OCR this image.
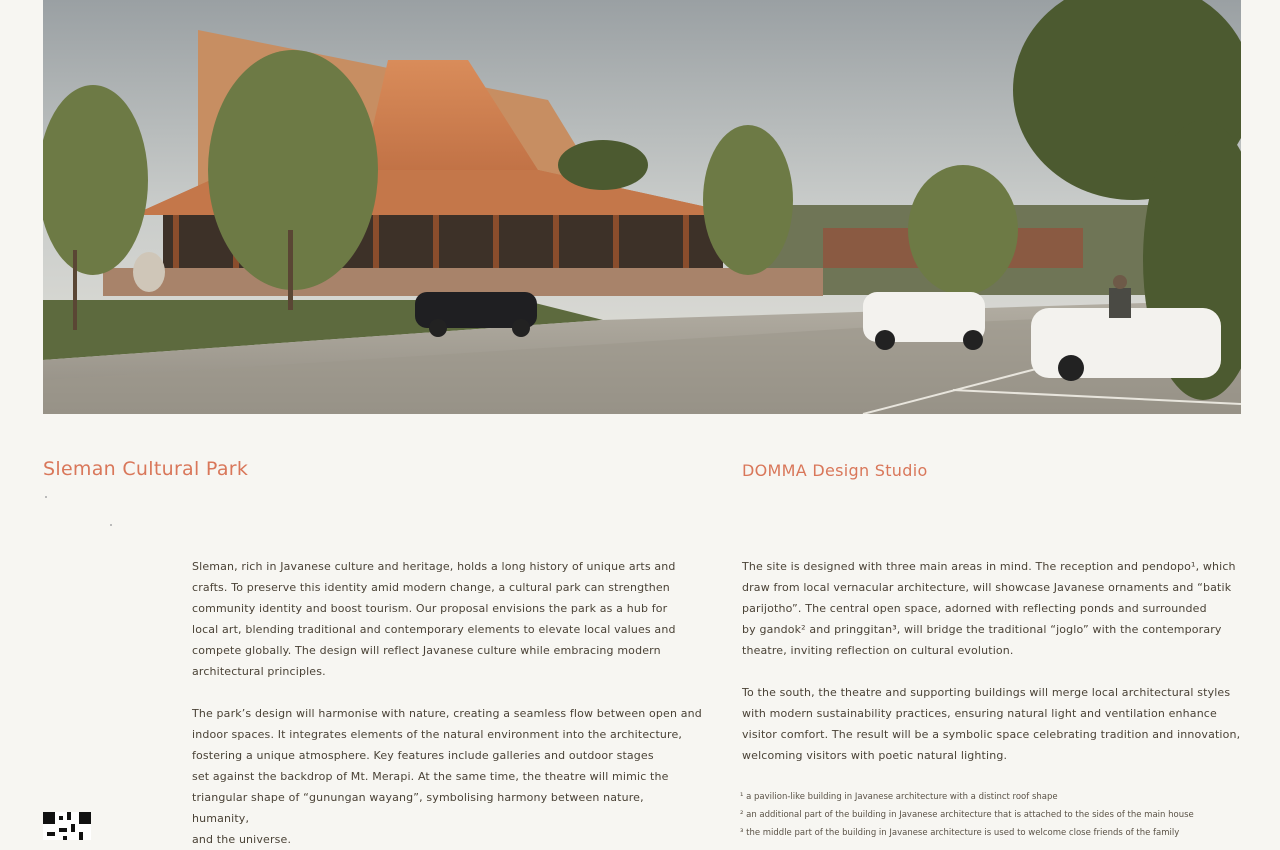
Sleman Cultural Park	DOMMA Design Studio

Sleman, rich in Javanese culture and heritage, holds a long history of unique arts and

crafts. To preserve this identity amid modern change, a cultural park can strengthen

community identity and boost tourism. Our proposal envisions the park as a hub for

local art, blending traditional and contemporary elements to elevate local values and

compete globally. The design will reflect Javanese culture while embracing modern

architectural principles.

The park’s design will harmonise with nature, creating a seamless flow between open and

indoor spaces. It integrates elements of the natural environment into the architecture,

fostering a unique atmosphere. Key features include galleries and outdoor stages

set against the backdrop of Mt. Merapi. At the same time, the theatre will mimic the

triangular shape of “gunungan wayang”, symbolising harmony between nature, humanity,

and the universe.

The site is designed with three main areas in mind. The reception and pendopo¹, which

draw from local vernacular architecture, will showcase Javanese ornaments and “batik

parijotho”. The central open space, adorned with reflecting ponds and surrounded

by gandok² and pringgitan³, will bridge the traditional “joglo” with the contemporary

theatre, inviting reflection on cultural evolution.

To the south, the theatre and supporting buildings will merge local architectural styles

with modern sustainability practices, ensuring natural light and ventilation enhance

visitor comfort. The result will be a symbolic space celebrating tradition and innovation,

welcoming visitors with poetic natural lighting.

¹ a pavilion-like building in Javanese architecture with a distinct roof shape

² an additional part of the building in Javanese architecture that is attached to the sides of the main house

³ the middle part of the building in Javanese architecture is used to welcome close friends of the family
